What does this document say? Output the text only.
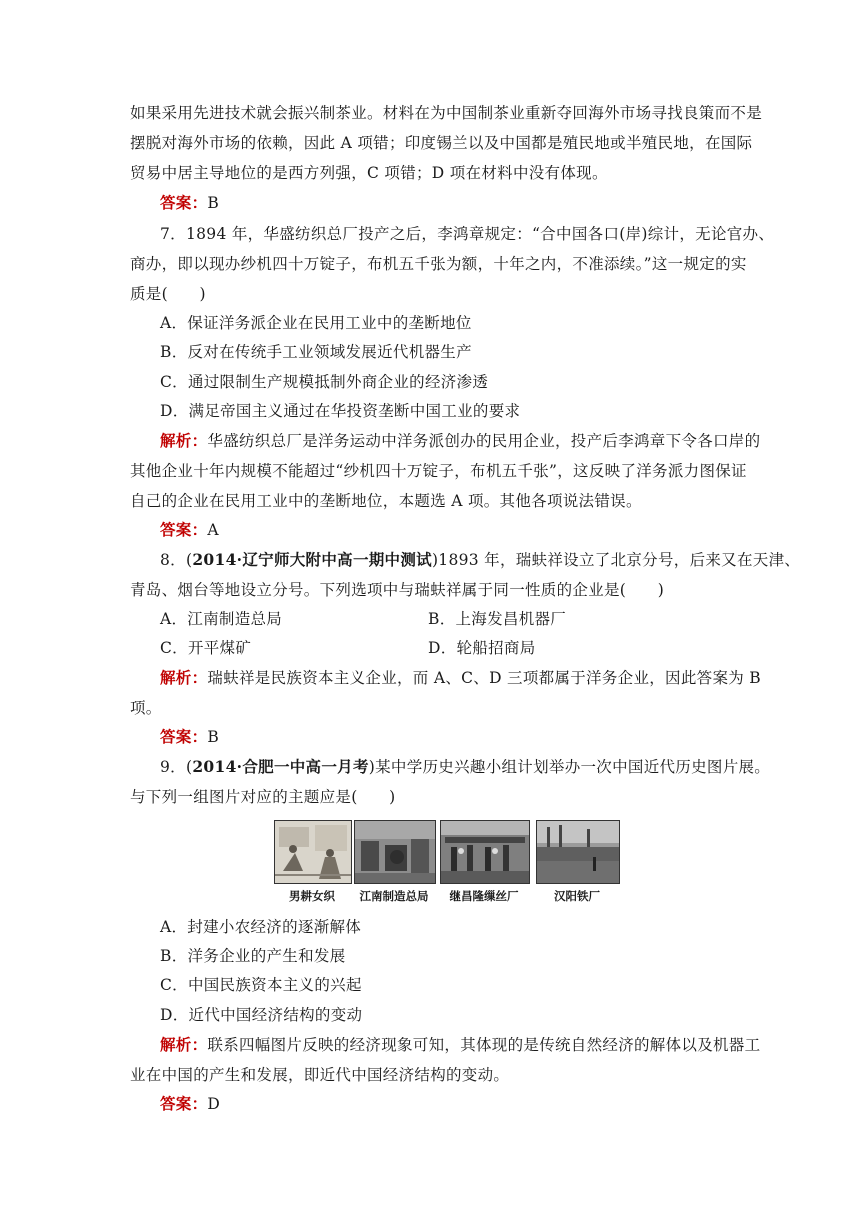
如果采用先进技术就会振兴制茶业。材料在为中国制茶业重新夺回海外市场寻找良策而不是
摆脱对海外市场的依赖，因此 A 项错；印度锡兰以及中国都是殖民地或半殖民地，在国际
贸易中居主导地位的是西方列强，C 项错；D 项在材料中没有体现。
答案：B
7．1894 年，华盛纺织总厂投产之后，李鸿章规定：“合中国各口(岸)综计，无论官办、
商办，即以现办纱机四十万锭子，布机五千张为额，十年之内，不准添续。”这一规定的实
质是(　　)
A．保证洋务派企业在民用工业中的垄断地位
B．反对在传统手工业领域发展近代机器生产
C．通过限制生产规模抵制外商企业的经济渗透
D．满足帝国主义通过在华投资垄断中国工业的要求
解析：华盛纺织总厂是洋务运动中洋务派创办的民用企业，投产后李鸿章下令各口岸的
其他企业十年内规模不能超过“纱机四十万锭子，布机五千张”，这反映了洋务派力图保证
自己的企业在民用工业中的垄断地位，本题选 A 项。其他各项说法错误。
答案：A
8．(2014·辽宁师大附中高一期中测试)1893 年，瑞蚨祥设立了北京分号，后来又在天津、
青岛、烟台等地设立分号。下列选项中与瑞蚨祥属于同一性质的企业是(　　)
A．江南制造总局	B．上海发昌机器厂
C．开平煤矿	D．轮船招商局
解析：瑞蚨祥是民族资本主义企业，而 A、C、D 三项都属于洋务企业，因此答案为 B
项。
答案：B
9．(2014·合肥一中高一月考)某中学历史兴趣小组计划举办一次中国近代历史图片展。
与下列一组图片对应的主题应是(　　)
男耕女织	江南制造总局	继昌隆缫丝厂	汉阳铁厂
A．封建小农经济的逐渐解体
B．洋务企业的产生和发展
C．中国民族资本主义的兴起
D．近代中国经济结构的变动
解析：联系四幅图片反映的经济现象可知，其体现的是传统自然经济的解体以及机器工
业在中国的产生和发展，即近代中国经济结构的变动。
答案：D
